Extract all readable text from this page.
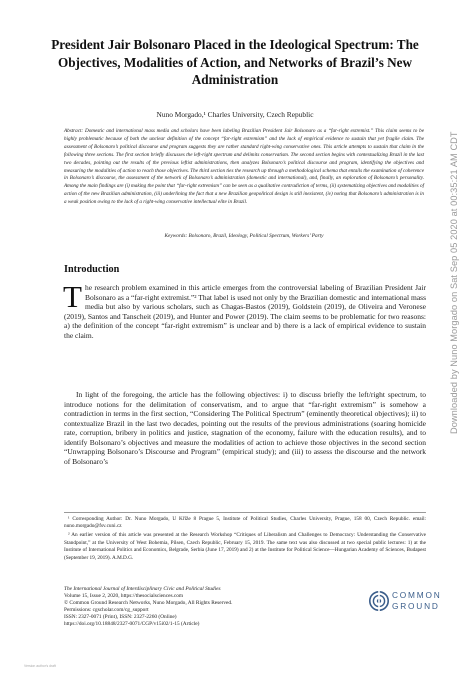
President Jair Bolsonaro Placed in the Ideological Spectrum: The Objectives, Modalities of Action, and Networks of Brazil’s New Administration
Nuno Morgado,¹ Charles University, Czech Republic
Abstract: Domestic and international mass media and scholars have been labeling Brazilian President Jair Bolsonaro as a “far-right extremist.” This claim seems to be highly problematic because of both the unclear definition of the concept “far-right extremism” and the lack of empirical evidence to sustain that yet fragile claim. The assessment of Bolsonaro’s political discourse and program suggests they are rather standard right-wing conservative ones. This article attempts to sustain that claim in the following three sections. The first section briefly discusses the left-right spectrum and delimits conservatism. The second section begins with contextualizing Brazil in the last two decades, pointing out the results of the previous leftist administrations, then analyzes Bolsonaro’s political discourse and program, identifying the objectives and measuring the modalities of action to reach those objectives. The third section ties the research up through a methodological schema that entails the examination of coherence in Bolsonaro’s discourse, the assessment of the network of Bolsonaro’s administration (domestic and international), and, finally, an exploration of Bolsonaro’s personality. Among the main findings are (i) making the point that “far-right extremism” can be seen as a qualitative contradiction of terms, (ii) systematizing objectives and modalities of action of the new Brazilian administration, (iii) underlining the fact that a new Brazilian geopolitical design is still inexistent, (iv) noting that Bolsonaro’s administration is in a weak position owing to the lack of a right-wing conservative intellectual elite in Brazil.
Keywords: Bolsonaro, Brazil, Ideology, Political Spectrum, Workers’ Party
Introduction
T he research problem examined in this article emerges from the controversial labeling of Brazilian President Jair Bolsonaro as a “far-right extremist.”² That label is used not only by the Brazilian domestic and international mass media but also by various scholars, such as Chagas-Bastos (2019), Goldstein (2019), de Oliveira and Veronese (2019), Santos and Tanscheit (2019), and Hunter and Power (2019). The claim seems to be problematic for two reasons: a) the definition of the concept “far-right extremism” is unclear and b) there is a lack of empirical evidence to sustain the claim.
In light of the foregoing, the article has the following objectives: i) to discuss briefly the left/right spectrum, to introduce notions for the delimitation of conservatism, and to argue that “far-right extremism” is somehow a contradiction in terms in the first section, “Considering The Political Spectrum” (eminently theoretical objectives); ii) to contextualize Brazil in the last two decades, pointing out the results of the previous administrations (soaring homicide rate, corruption, bribery in politics and justice, stagnation of the economy, failure with the education results), and to identify Bolsonaro’s objectives and measure the modalities of action to achieve those objectives in the second section “Unwrapping Bolsonaro’s Discourse and Program” (empirical study); and (iii) to assess the discourse and the network of Bolsonaro’s

¹ Corresponding Author: Dr. Nuno Morgado, U Kříže 8 Prague 5, Institute of Political Studies, Charles University, Prague, 158 00, Czech Republic. email: nuno.morgado@fsv.cuni.cz

² An earlier version of this article was presented at the Research Workshop “Critiques of Liberalism and Challenges to Democracy: Understanding the Conservative Standpoint,” at the University of West Bohemia, Pilsen, Czech Republic, February 15, 2019. The same text was also discussed at two special public lectures: 1) at the Institute of International Politics and Economics, Belgrade, Serbia (June 17, 2019) and 2) at the Institute for Political Science—Hungarian Academy of Sciences, Budapest (September 19, 2019). A.M.D.G.

The International Journal of Interdisciplinary Civic and Political Studies
Volume 15, Issue 2, 2020, https://thesocialsciences.com
© Common Ground Research Networks, Nuno Morgado, All Rights Reserved.
Permissions: cgscholar.com/cg_support
ISSN: 2327-0071 (Print), ISSN: 2327-2260 (Online)
https://doi.org/10.18848/2327-0071/CGP/v15i02/1-15 (Article)
COMMON
GROUND
Downloaded by Nuno Morgado on Sat Sep 05 2020 at 00:35:21 AM CDT
Version author's draft
